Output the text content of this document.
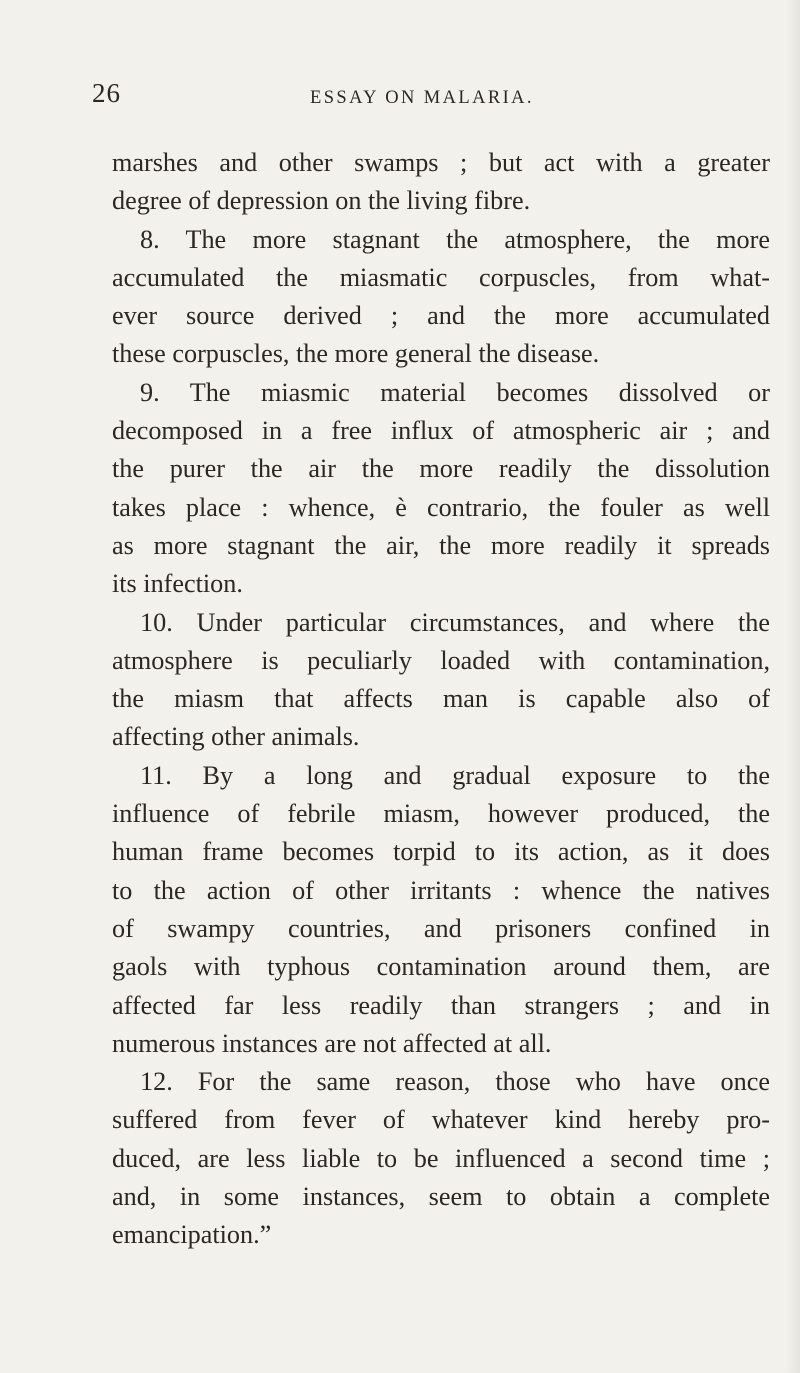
26	ESSAY ON MALARIA.
marshes and other swamps ; but act with a greater
degree of depression on the living fibre.
8. The more stagnant the atmosphere, the more
accumulated the miasmatic corpuscles, from what-
ever source derived ; and the more accumulated
these corpuscles, the more general the disease.
9. The miasmic material becomes dissolved or
decomposed in a free influx of atmospheric air ; and
the purer the air the more readily the dissolution
takes place : whence, è contrario, the fouler as well
as more stagnant the air, the more readily it spreads
its infection.
10. Under particular circumstances, and where the
atmosphere is peculiarly loaded with contamination,
the miasm that affects man is capable also of
affecting other animals.
11. By a long and gradual exposure to the
influence of febrile miasm, however produced, the
human frame becomes torpid to its action, as it does
to the action of other irritants : whence the natives
of swampy countries, and prisoners confined in
gaols with typhous contamination around them, are
affected far less readily than strangers ; and in
numerous instances are not affected at all.
12. For the same reason, those who have once
suffered from fever of whatever kind hereby pro-
duced, are less liable to be influenced a second time ;
and, in some instances, seem to obtain a complete
emancipation.”
